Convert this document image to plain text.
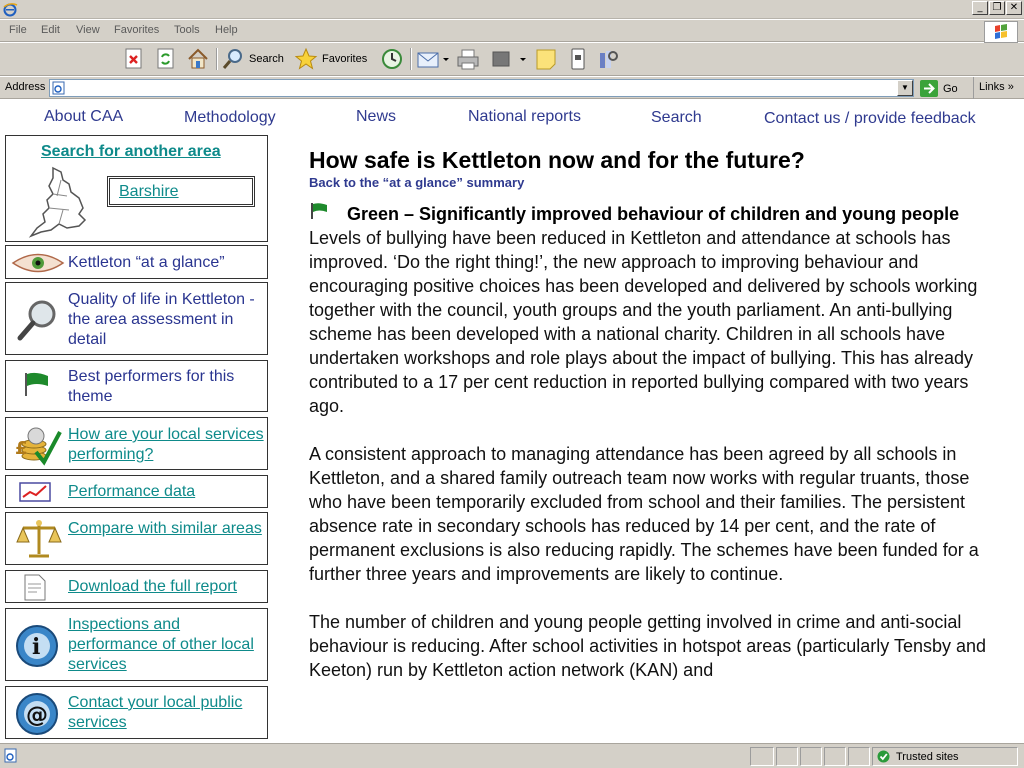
_	❐ ✕
File Edit View Favorites Tools Help
Search	Favorites
Address	▼	Go	Links »
About CAA	Methodology	News	National reports	Search	Contact us / provide feedback
Search for another area
Barshire
Kettleton “at a glance”
Quality of life in Kettleton - the area assessment in detail
Best performers for this theme
£
How are your local services performing?
Performance data
Compare with similar areas
Download the full report
i
Inspections and performance of other local services
@
Contact your local public services
How safe is Kettleton now and for the future?
Back to the “at a glance” summary
Green – Significantly improved behaviour of children and young people

Levels of bullying have been reduced in Kettleton and attendance at schools has improved. ‘Do the right thing!’, the new approach to improving behaviour and encouraging positive choices has been developed and delivered by schools working together with the council, youth groups and the youth parliament. An anti-bullying scheme has been developed with a national charity. Children in all schools have undertaken workshops and role plays about the impact of bullying. This has already contributed to a 17 per cent reduction in reported bullying compared with two years ago.

A consistent approach to managing attendance has been agreed by all schools in Kettleton, and a shared family outreach team now works with regular truants, those who have been temporarily excluded from school and their families. The persistent absence rate in secondary schools has reduced by 14 per cent, and the rate of permanent exclusions is also reducing rapidly. The schemes have been funded for a further three years and improvements are likely to continue.

The number of children and young people getting involved in crime and anti-social behaviour is reducing. After school activities in hotspot areas (particularly Tensby and Keeton) run by Kettleton action network (KAN) and

Trusted sites
